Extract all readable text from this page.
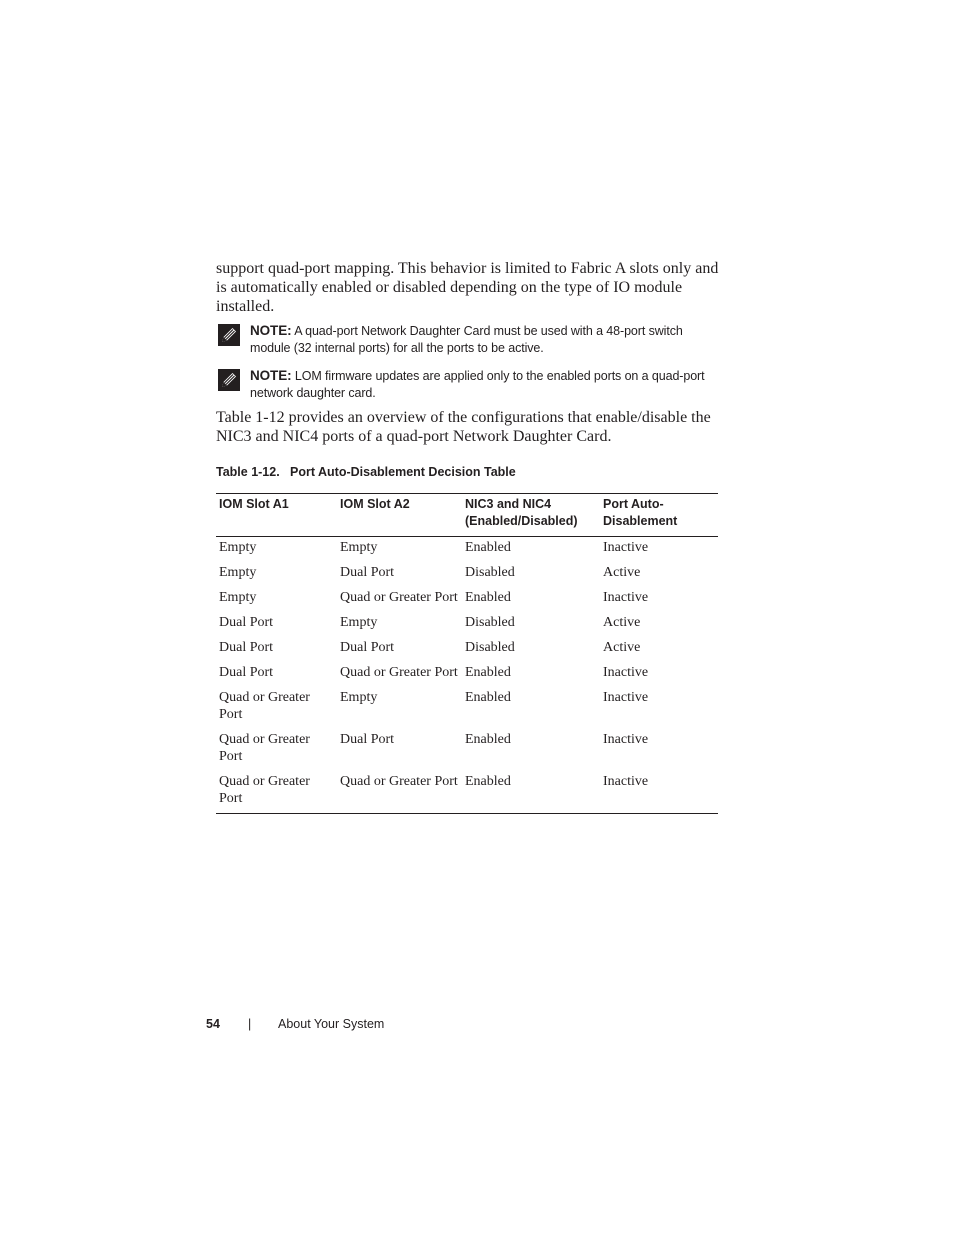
support quad-port mapping. This behavior is limited to Fabric A slots only and is automatically enabled or disabled depending on the type of IO module installed.

NOTE: A quad-port Network Daughter Card must be used with a 48-port switch module (32 internal ports) for all the ports to be active.

NOTE: LOM firmware updates are applied only to the enabled ports on a quad-port network daughter card.

Table 1-12 provides an overview of the configurations that enable/disable the NIC3 and NIC4 ports of a quad-port Network Daughter Card.

Table 1-12. Port Auto-Disablement Decision Table
IOM Slot A1	IOM Slot A2	NIC3 and NIC4 (Enabled/Disabled)	Port Auto-Disablement
Empty	Empty	Enabled	Inactive
Empty	Dual Port	Disabled	Active
Empty	Quad or Greater Port	Enabled	Inactive
Dual Port	Empty	Disabled	Active
Dual Port	Dual Port	Disabled	Active
Dual Port	Quad or Greater Port	Enabled	Inactive
Quad or Greater Port	Empty	Enabled	Inactive
Quad or Greater Port	Dual Port	Enabled	Inactive
Quad or Greater Port	Quad or Greater Port	Enabled	Inactive
54 | About Your System
